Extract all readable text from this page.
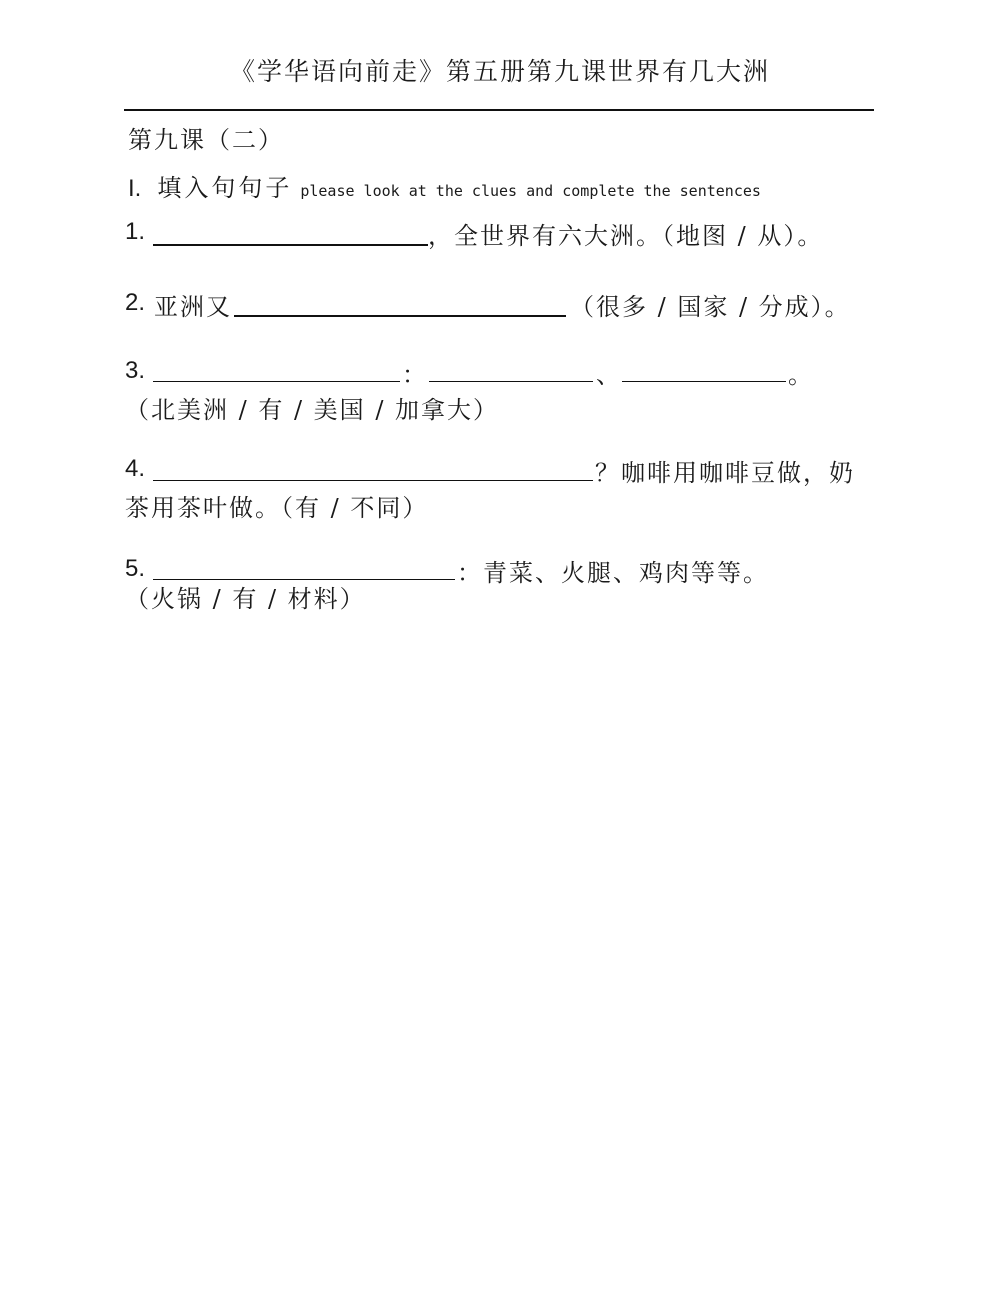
《学华语向前走》第五册第九课世界有几大洲
第九课（二）
I. 填入句句子 please look at the clues and complete the sentences
1.	，全世界有六大洲。（地图 / 从）。
2. 亚洲又	（很多 / 国家 / 分成）。
3.	：	、	。
（北美洲 / 有 / 美国 / 加拿大）
4.	？咖啡用咖啡豆做，奶
茶用茶叶做。（有 / 不同）
5.	：青菜、火腿、鸡肉等等。
（火锅 / 有 / 材料）
